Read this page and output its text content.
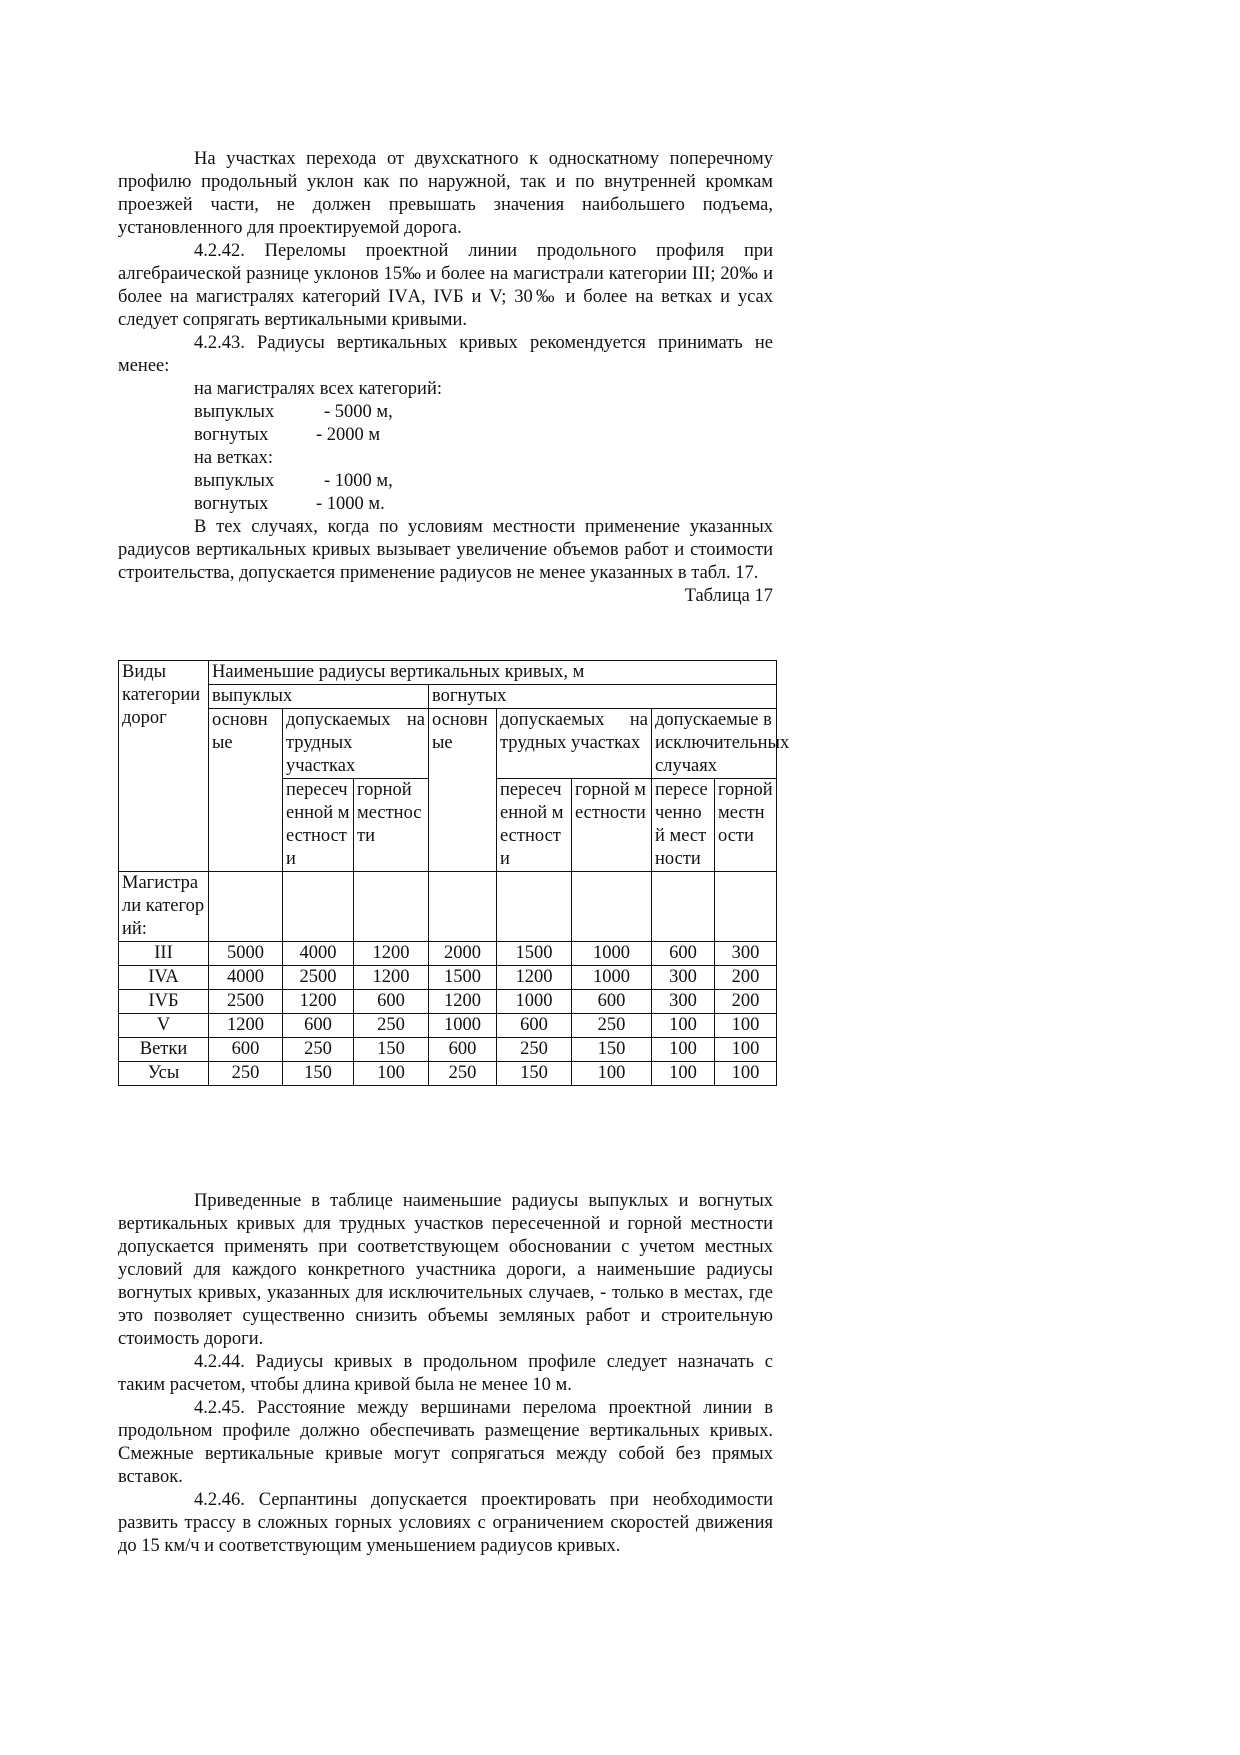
На участках перехода от двухскатного к односкатному поперечному профилю продольный уклон как по наружной, так и по внутренней кромкам проезжей части, не должен превышать значения наибольшего подъема, установленного для проектируемой дорога.

4.2.42. Переломы проектной линии продольного профиля при алгебраической разнице уклонов 15‰ и более на магистрали категории III; 20‰ и более на магистралях категорий IVА, IVБ и V; 30‰ и более на ветках и усах следует сопрягать вертикальными кривыми.

4.2.43. Радиусы вертикальных кривых рекомендуется принимать не менее:

на магистралях всех категорий:

выпуклых	- 5000 м,

вогнутых	- 2000 м

на ветках:

выпуклых	- 1000 м,

вогнутых	- 1000 м.

В тех случаях, когда по условиям местности применение указанных радиусов вертикальных кривых вызывает увеличение объемов работ и стоимости строительства, допускается применение радиусов не менее указанных в табл. 17.

Таблица 17

Виды категории дорог	Наименьшие радиусы вертикальных кривых, м							
	выпуклых			вогнутых				
	основные	допускаемых на трудных участках		основные	допускаемых на трудных участках		допускаемые в исключительных случаях	
		пересеченной местности	горной местности		пересеченной местности	горной местности	пересеченной местности	горной местности
Магистрали категорий:								
III	5000	4000	1200	2000	1500	1000	600	300
IVA	4000	2500	1200	1500	1200	1000	300	200
IVБ	2500	1200	600	1200	1000	600	300	200
V	1200	600	250	1000	600	250	100	100
Ветки	600	250	150	600	250	150	100	100
Усы	250	150	100	250	150	100	100	100

Приведенные в таблице наименьшие радиусы выпуклых и вогнутых вертикальных кривых для трудных участков пересеченной и горной местности допускается применять при соответствующем обосновании с учетом местных условий для каждого конкретного участника дороги, а наименьшие радиусы вогнутых кривых, указанных для исключительных случаев, - только в местах, где это позволяет существенно снизить объемы земляных работ и строительную стоимость дороги.

4.2.44. Радиусы кривых в продольном профиле следует назначать с таким расчетом, чтобы длина кривой была не менее 10 м.

4.2.45. Расстояние между вершинами перелома проектной линии в продольном профиле должно обеспечивать размещение вертикальных кривых. Смежные вертикальные кривые могут сопрягаться между собой без прямых вставок.

4.2.46. Серпантины допускается проектировать при необходимости развить трассу в сложных горных условиях с ограничением скоростей движения до 15 км/ч и соответствующим уменьшением радиусов кривых.
